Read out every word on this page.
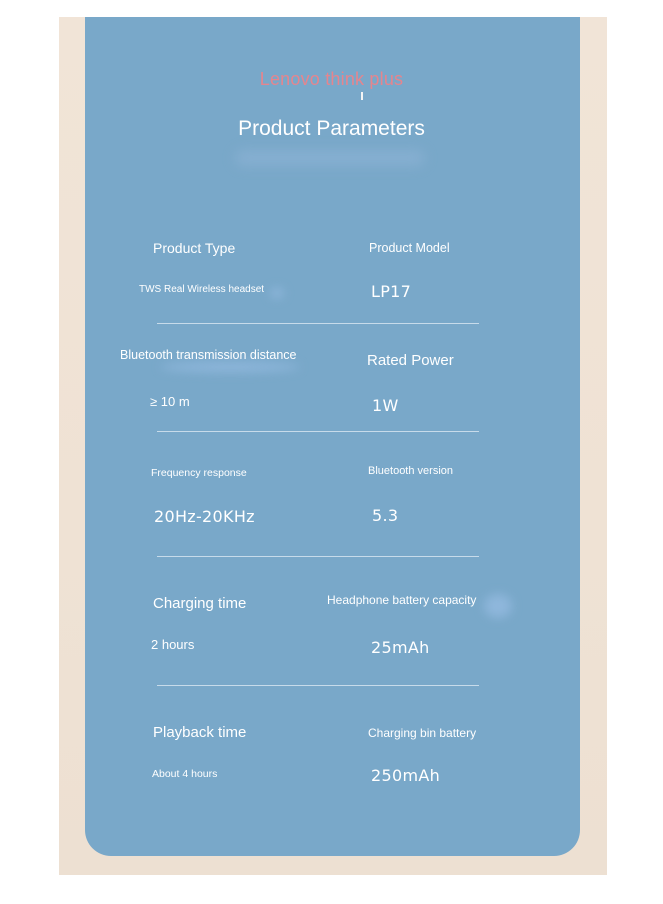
Lenovo think plus
Product Parameters
Product Type	Product Model
TWS Real Wireless headset	LP17
Bluetooth transmission distance	Rated Power
≥ 10 m	1W
Frequency response	Bluetooth version
20Hz-20KHz	5.3
Charging time	Headphone battery capacity
2 hours	25mAh
Playback time	Charging bin battery
About 4 hours	250mAh
